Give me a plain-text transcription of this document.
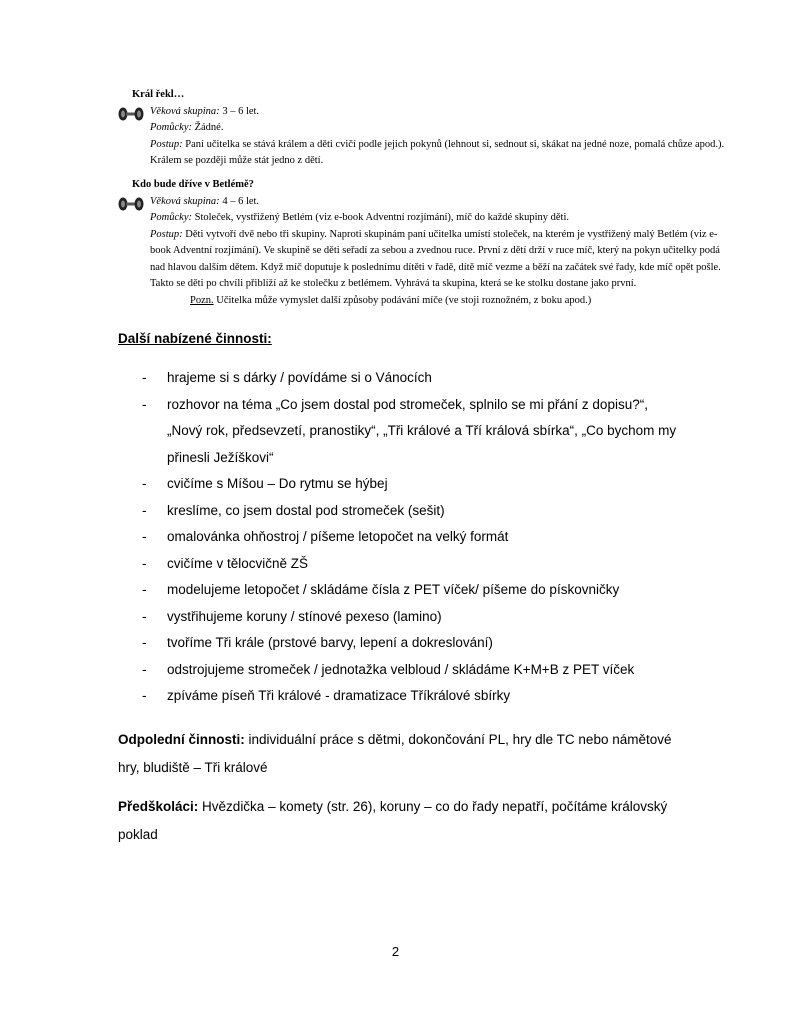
Král řekl…
Věková skupina: 3 – 6 let.
Pomůcky: Žádné.
Postup: Paní učitelka se stává králem a děti cvičí podle jejich pokynů (lehnout si, sednout si, skákat na jedné noze, pomalá chůze apod.).
Králem se později může stát jedno z dětí.
Kdo bude dříve v Betlémě?
Věková skupina: 4 – 6 let.
Pomůcky: Stoleček, vystřižený Betlém (viz e-book Adventní rozjímání), míč do každé skupiny děti.
Postup: Děti vytvoří dvě nebo tři skupiny. Naproti skupinám paní učitelka umístí stoleček, na kterém je vystřižený malý Betlém (viz e-
book Adventní rozjímání). Ve skupině se děti seřadí za sebou a zvednou ruce. První z dětí drží v ruce míč, který na pokyn učitelky podá
nad hlavou dalším dětem. Když míč doputuje k poslednímu dítěti v řadě, dítě míč vezme a běží na začátek své řady, kde míč opět pošle.
Takto se děti po chvíli přiblíží až ke stolečku z betlémem. Vyhrává ta skupina, která se ke stolku dostane jako první.
Pozn. Učitelka může vymyslet další způsoby podávání míče (ve stoji roznožném, z boku apod.)
Další nabízené činnosti:
-	hrajeme si s dárky / povídáme si o Vánocích
-	rozhovor na téma „Co jsem dostal pod stromeček, splnilo se mi přání z dopisu?“, „Nový rok, předsevzetí, pranostiky“, „Tři králové a Tří králová sbírka“, „Co bychom my přinesli Ježíškovi“
-	cvičíme s Míšou – Do rytmu se hýbej
-	kreslíme, co jsem dostal pod stromeček (sešit)
-	omalovánka ohňostroj / píšeme letopočet na velký formát
-	cvičíme v tělocvičně ZŠ
-	modelujeme letopočet / skládáme čísla z PET víček/ píšeme do pískovničky
-	vystřihujeme koruny / stínové pexeso (lamino)
-	tvoříme Tři krále (prstové barvy, lepení a dokreslování)
-	odstrojujeme stromeček / jednotažka velbloud / skládáme K+M+B z PET víček
-	zpíváme píseň Tři králové - dramatizace Tříkrálové sbírky
Odpolední činnosti: individuální práce s dětmi, dokončování PL, hry dle TC nebo námětové hry, bludiště – Tři králové
Předškoláci: Hvězdička – komety (str. 26), koruny – co do řady nepatří, počítáme královský poklad
2
